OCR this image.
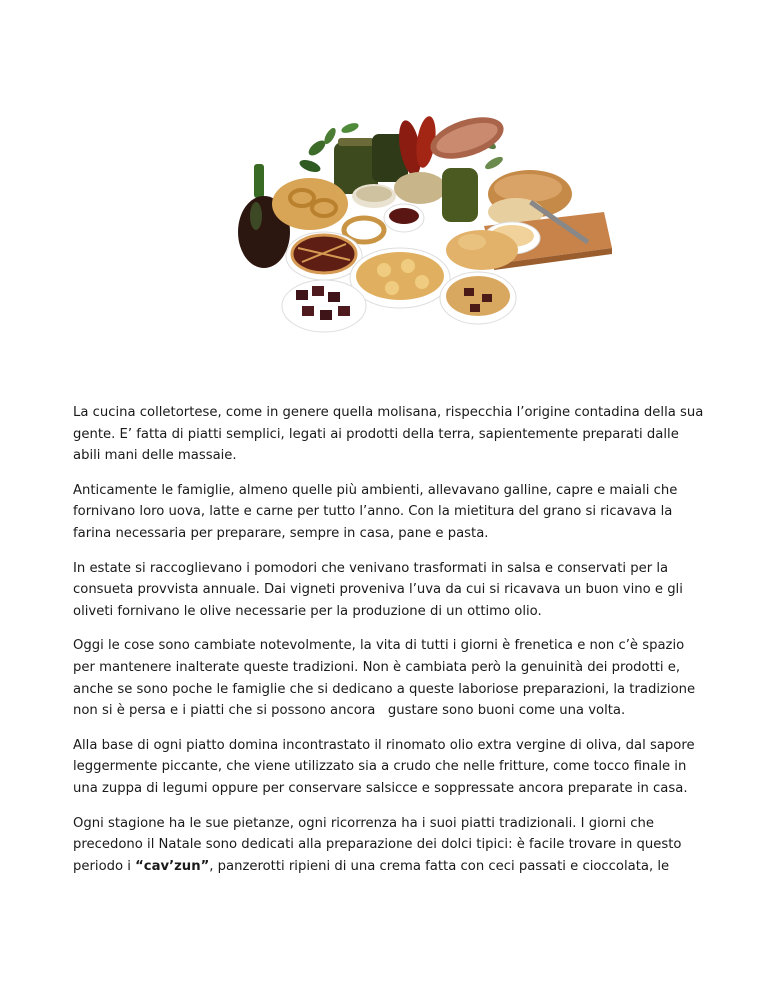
La cucina colletortese, come in genere quella molisana, rispecchia l’origine contadina della sua gente. E’ fatta di piatti semplici, legati ai prodotti della terra, sapientemente preparati dalle abili mani delle massaie.

Anticamente le famiglie, almeno quelle più ambienti, allevavano galline, capre e maiali che fornivano loro uova, latte e carne per tutto l’anno. Con la mietitura del grano si ricavava la farina necessaria per preparare, sempre in casa, pane e pasta.

In estate si raccoglievano i pomodori che venivano trasformati in salsa e conservati per la consueta provvista annuale. Dai vigneti proveniva l’uva da cui si ricavava un buon vino e gli oliveti fornivano le olive necessarie per la produzione di un ottimo olio.

Oggi le cose sono cambiate notevolmente, la vita di tutti i giorni è frenetica e non c’è spazio per mantenere inalterate queste tradizioni. Non è cambiata però la genuinità dei prodotti e, anche se sono poche le famiglie che si dedicano a queste laboriose preparazioni, la tradizione non si è persa e i piatti che si possono ancora   gustare sono buoni come una volta.

Alla base di ogni piatto domina incontrastato il rinomato olio extra vergine di oliva, dal sapore leggermente piccante, che viene utilizzato sia a crudo che nelle fritture, come tocco finale in una zuppa di legumi oppure per conservare salsicce e soppressate ancora preparate in casa.

Ogni stagione ha le sue pietanze, ogni ricorrenza ha i suoi piatti tradizionali. I giorni che precedono il Natale sono dedicati alla preparazione dei dolci tipici: è facile trovare in questo periodo i “cav’zun”, panzerotti ripieni di una crema fatta con ceci passati e cioccolata, le
